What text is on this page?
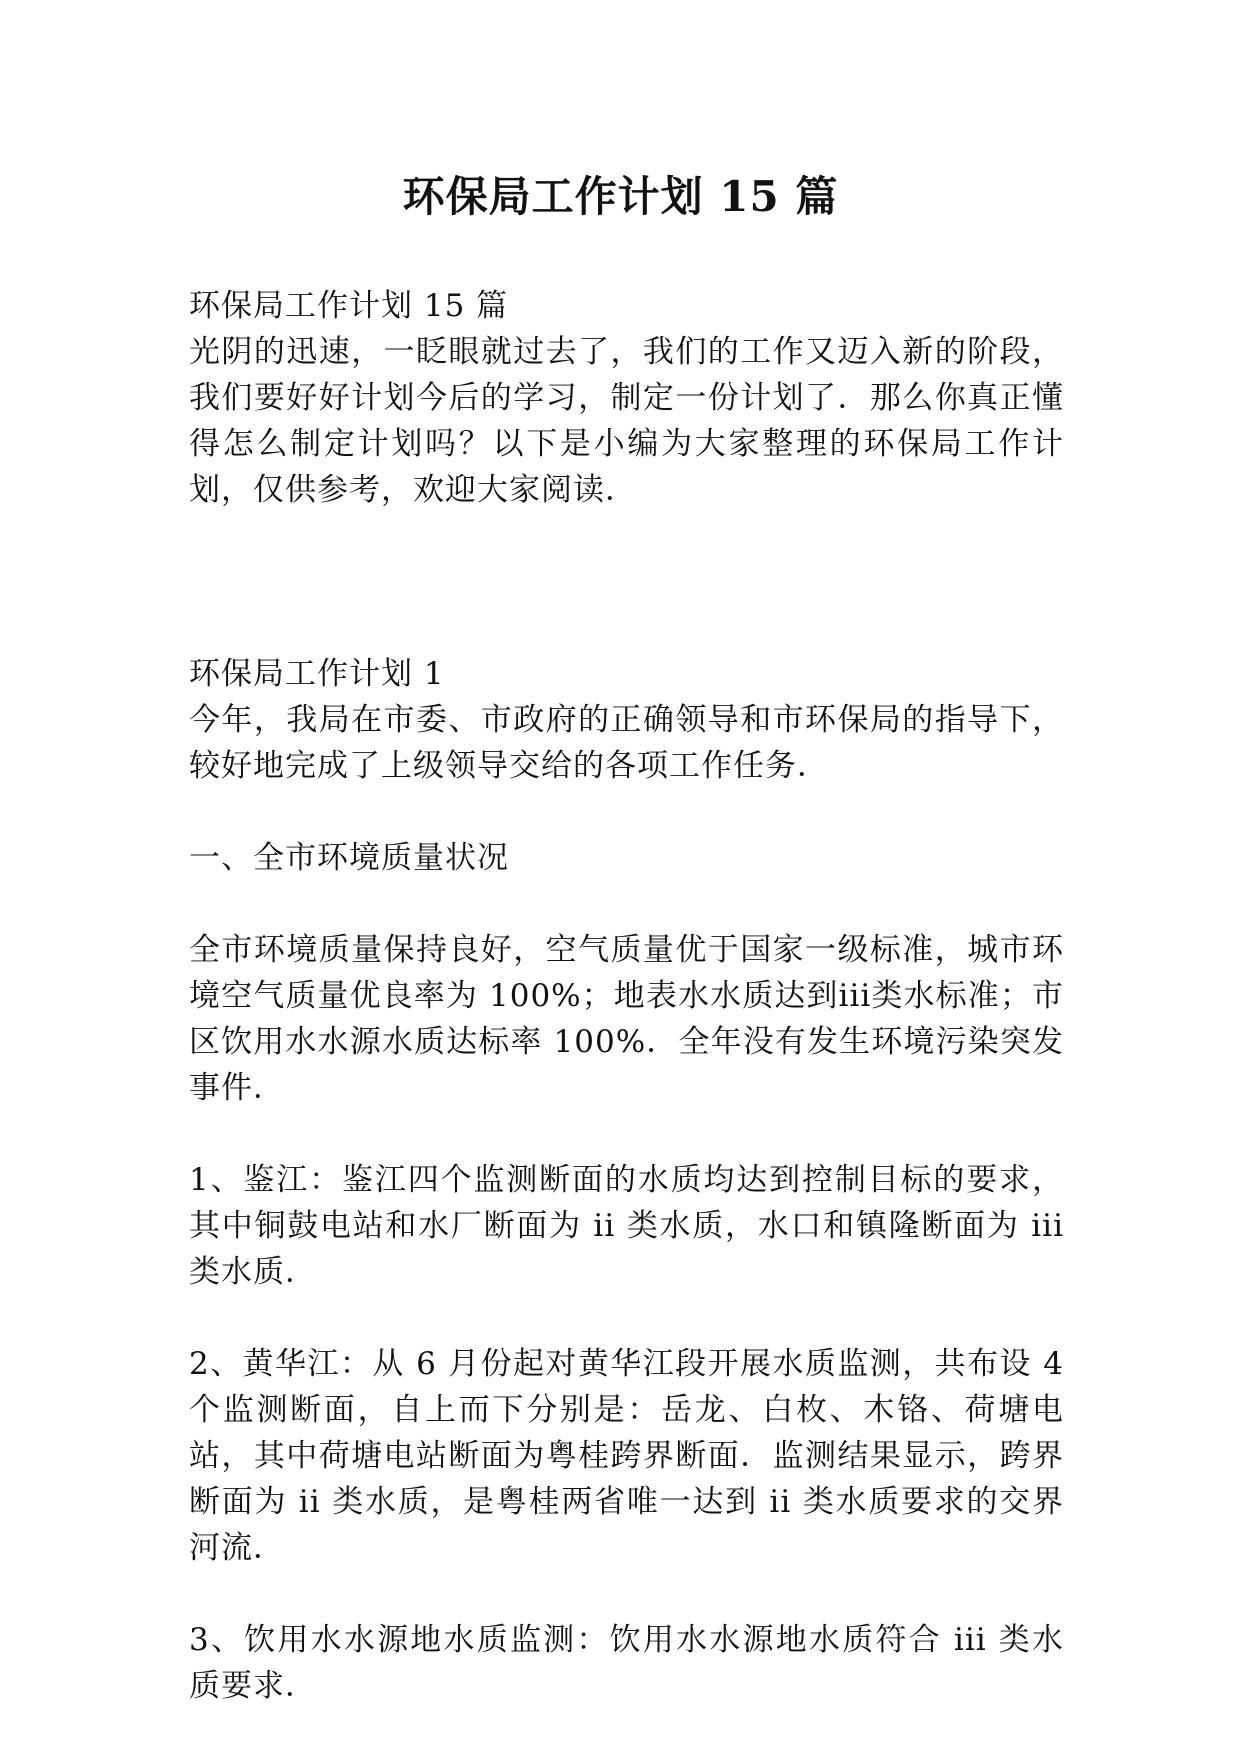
环保局工作计划 15 篇

环保局工作计划 15 篇

光阴的迅速，一眨眼就过去了，我们的工作又迈入新的阶段，我们要好好计划今后的学习，制定一份计划了．那么你真正懂得怎么制定计划吗？以下是小编为大家整理的环保局工作计划，仅供参考，欢迎大家阅读．

环保局工作计划 1

今年，我局在市委、市政府的正确领导和市环保局的指导下，较好地完成了上级领导交给的各项工作任务．

一、全市环境质量状况

全市环境质量保持良好，空气质量优于国家一级标准，城市环境空气质量优良率为 100%；地表水水质达到iii类水标准；市区饮用水水源水质达标率 100%．全年没有发生环境污染突发事件．

1、鉴江：鉴江四个监测断面的水质均达到控制目标的要求，其中铜鼓电站和水厂断面为 ii 类水质，水口和镇隆断面为 iii 类水质．

2、黄华江：从 6 月份起对黄华江段开展水质监测，共布设 4 个监测断面，自上而下分别是：岳龙、白枚、木铬、荷塘电站，其中荷塘电站断面为粤桂跨界断面．监测结果显示，跨界断面为 ii 类水质，是粤桂两省唯一达到 ii 类水质要求的交界河流．

3、饮用水水源地水质监测：饮用水水源地水质符合 iii 类水质要求．
